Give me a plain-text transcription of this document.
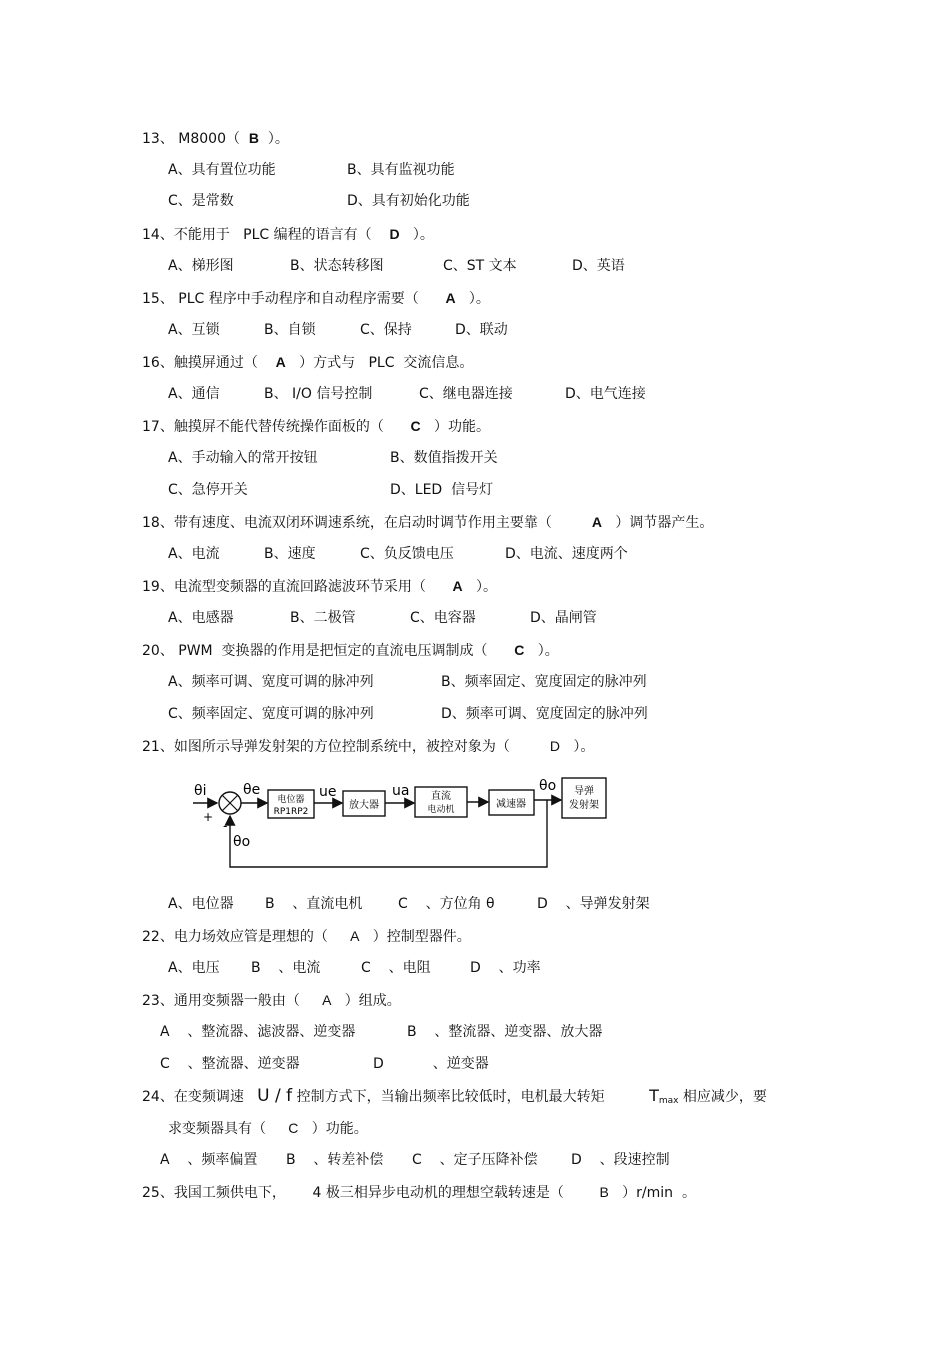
13、 M8000（  B  ）。
A、具有置位功能	B、具有监视功能
C、是常数	D、具有初始化功能
14、不能用于   PLC 编程的语言有（    D   ）。
A、梯形图	B、状态转移图	C、ST 文本	D、英语
15、 PLC 程序中手动程序和自动程序需要（      A   ）。
A、互锁	B、自锁	C、保持	D、联动
16、触摸屏通过（    A   ）方式与   PLC  交流信息。
A、通信	B、 I/O 信号控制	C、继电器连接	D、电气连接
17、触摸屏不能代替传统操作面板的（      C   ）功能。
A、手动输入的常开按钮	B、数值指拨开关
C、急停开关	D、LED  信号灯
18、带有速度、电流双闭环调速系统，在启动时调节作用主要靠（         A   ）调节器产生。
A、电流	B、速度	C、负反馈电压	D、电流、速度两个
19、电流型变频器的直流回路滤波环节采用（      A   ）。
A、电感器	B、二极管	C、电容器	D、晶闸管
20、 PWM  变换器的作用是把恒定的直流电压调制成（      C   ）。
A、频率可调、宽度可调的脉冲列	B、频率固定、宽度固定的脉冲列
C、频率固定、宽度可调的脉冲列	D、频率可调、宽度固定的脉冲列
21、如图所示导弹发射架的方位控制系统中，被控对象为（         D   ）。
θi
+
θe
电位器
RP1RP2
ue
放大器
ua 直流
电动机	减速器
θo 导弹
发射架
-
θo
A、电位器 B    、直流电机	C    、方位角 θ	D    、导弹发射架
22、电力场效应管是理想的（     A   ）控制型器件。
A、电压 B    、电流	C    、电阻	D    、功率
23、通用变频器一般由（     A   ）组成。
A    、整流器、滤波器、逆变器	B    、整流器、逆变器、放大器
C    、整流器、逆变器	D           、逆变器
24、在变频调速   U / f 控制方式下，当输出频率比较低时，电机最大转矩          $T_{max}$ 相应减少，要
求变频器具有（     C   ）功能。
A    、频率偏置 B    、转差补偿 C    、定子压降补偿 D    、段速控制
25、我国工频供电下，      4 极三相异步电动机的理想空载转速是（        B   ）r/min  。
